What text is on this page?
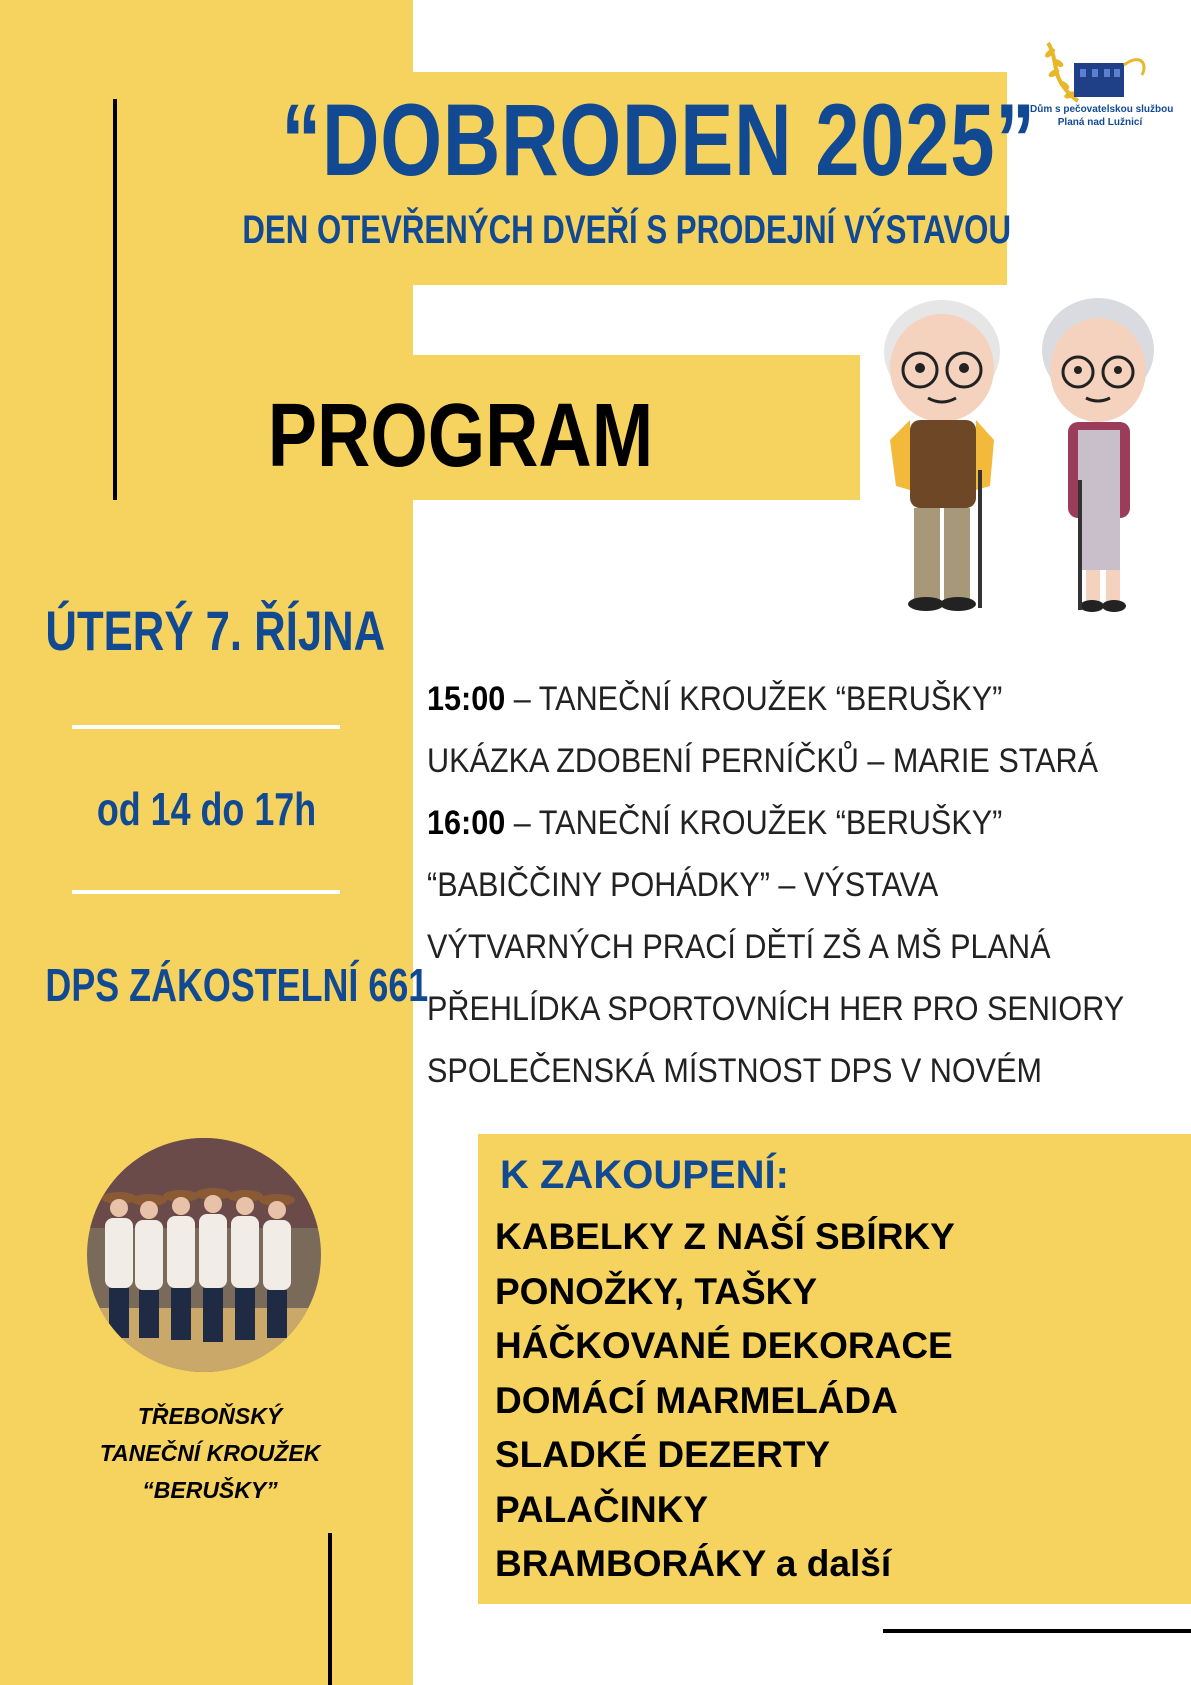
“DOBRODEN 2025”
DEN OTEVŘENÝCH DVEŘÍ S PRODEJNÍ VÝSTAVOU
Dům s pečovatelskou službou
Planá nad Lužnicí
PROGRAM
ÚTERÝ 7. ŘÍJNA
od 14 do 17h
DPS ZÁKOSTELNÍ 661
15:00 – TANEČNÍ KROUŽEK “BERUŠKY”
UKÁZKA ZDOBENÍ PERNÍČKŮ – MARIE STARÁ
16:00 – TANEČNÍ KROUŽEK “BERUŠKY”
“BABIČČINY POHÁDKY” – VÝSTAVA
VÝTVARNÝCH PRACÍ DĚTÍ ZŠ A MŠ PLANÁ
PŘEHLÍDKA SPORTOVNÍCH HER PRO SENIORY
SPOLEČENSKÁ MÍSTNOST DPS V NOVÉM
K ZAKOUPENÍ:
KABELKY Z NAŠÍ SBÍRKY
PONOŽKY, TAŠKY
HÁČKOVANÉ DEKORACE
DOMÁCÍ MARMELÁDA
SLADKÉ DEZERTY
PALAČINKY
BRAMBORÁKY a další
TŘEBOŇSKÝ
TANEČNÍ KROUŽEK
“BERUŠKY”
